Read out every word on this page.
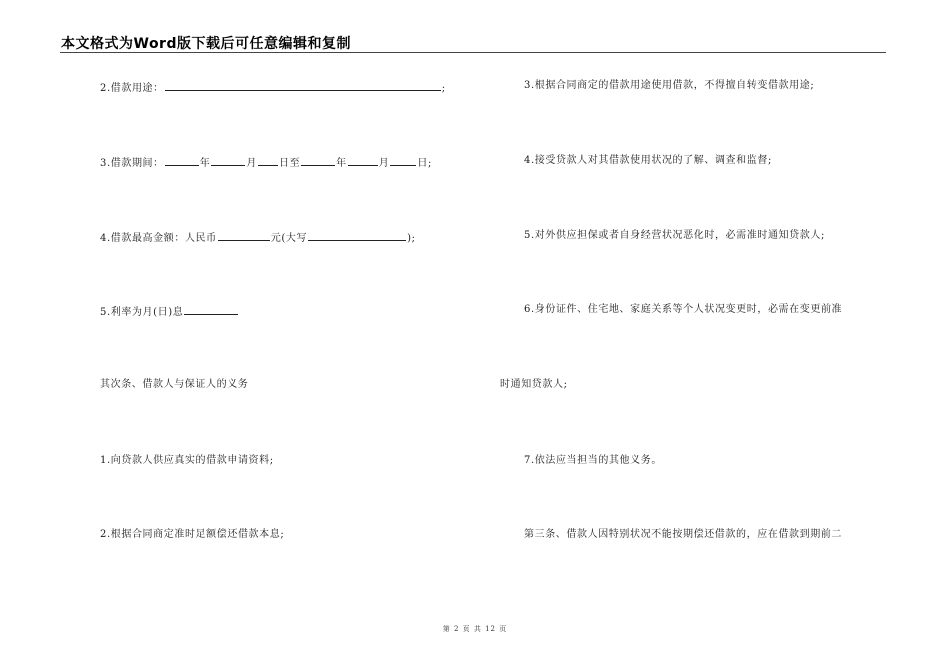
本文格式为Word版下载后可任意编辑和复制
2.借款用途：	;
3.借款期间：	年	月 日至	年	月	日;
4.借款最高金额：人民币	元(大写	);
5.利率为月(日)息
其次条、借款人与保证人的义务
1.向贷款人供应真实的借款申请资料;
2.根据合同商定准时足额偿还借款本息;
3.根据合同商定的借款用途使用借款，不得擅自转变借款用途;
4.接受贷款人对其借款使用状况的了解、调查和监督;
5.对外供应担保或者自身经营状况恶化时，必需准时通知贷款人;
6.身份证件、住宅地、家庭关系等个人状况变更时，必需在变更前准
时通知贷款人;
7.依法应当担当的其他义务。
第三条、借款人因特别状况不能按期偿还借款的，应在借款到期前二
第 2 页 共 12 页
